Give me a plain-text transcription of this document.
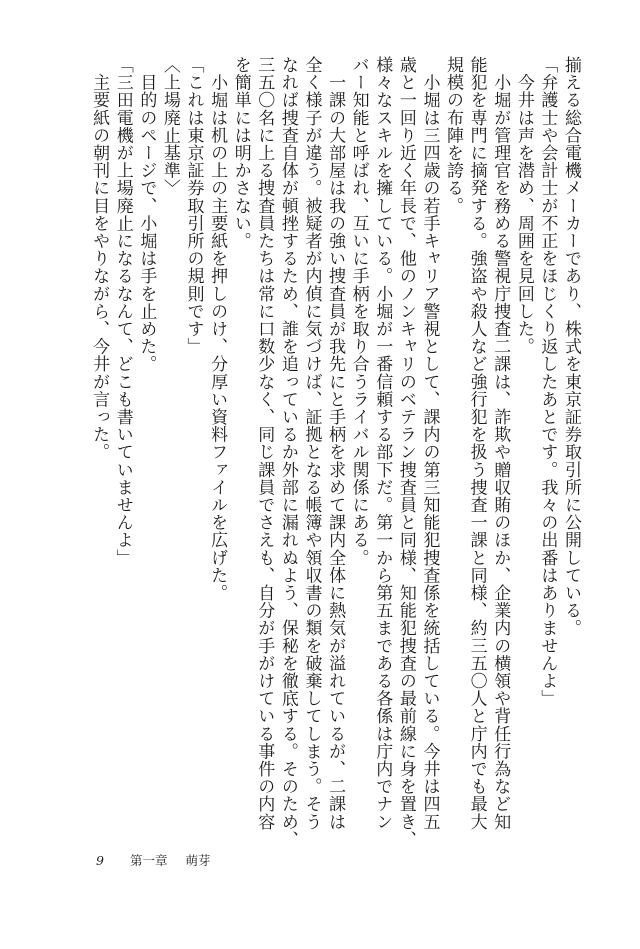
揃える総合電機メーカーであり、株式を東京証券取引所に公開している。

「弁護士や会計士が不正をほじくり返したあとです。我々の出番はありませんよ」

　今井は声を潜め、周囲を見回した。

　小堀が管理官を務める警視庁捜査二課は、詐欺や贈収賄のほか、企業内の横領や背任行為など知

能犯を専門に摘発する。強盗や殺人など強行犯を扱う捜査一課と同様、約三五〇人と庁内でも最大

規模の布陣を誇る。

　小堀は三四歳の若手キャリア警視として、課内の第三知能犯捜査係を統括している。今井は四五

歳と一回り近く年長で、他のノンキャリのベテラン捜査員と同様、知能犯捜査の最前線に身を置き、

様々なスキルを擁している。小堀が一番信頼する部下だ。第一から第五まである各係は庁内でナン

バー知能と呼ばれ、互いに手柄を取り合うライバル関係にある。

　一課の大部屋は我の強い捜査員が我先にと手柄を求めて課内全体に熱気が溢れているが、二課は

全く様子が違う。被疑者が内偵に気づけば、証拠となる帳簿や領収書の類を破棄してしまう。そう

なれば捜査自体が頓挫するため、誰を追っているか外部に漏れぬよう、保秘を徹底する。そのため、

三五〇名に上る捜査員たちは常に口数少なく、同じ課員でさえも、自分が手がけている事件の内容

を簡単には明かさない。

　小堀は机の上の主要紙を押しのけ、分厚い資料ファイルを広げた。

「これは東京証券取引所の規則です」

〈上場廃止基準〉

　目的のページで、小堀は手を止めた。

「三田電機が上場廃止になるなんて、どこも書いていませんよ」

　主要紙の朝刊に目をやりながら、今井が言った。

9 第一章 萌芽
